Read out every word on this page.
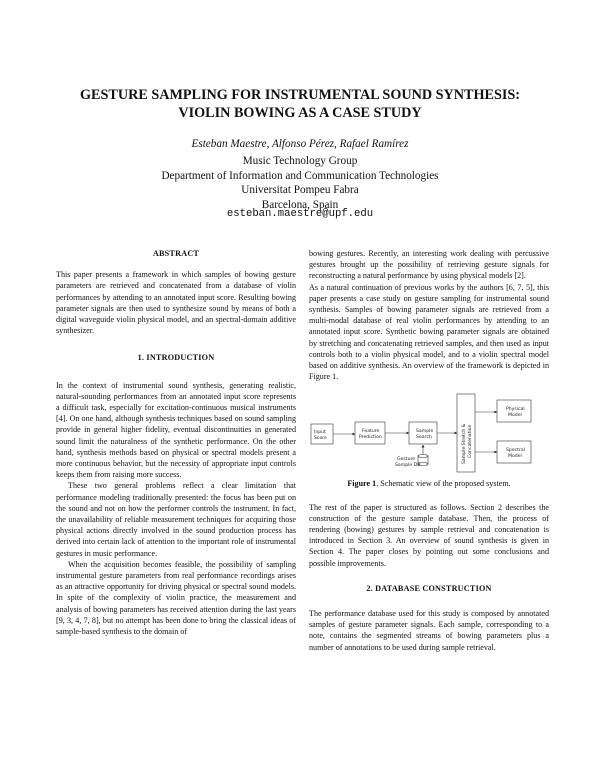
GESTURE SAMPLING FOR INSTRUMENTAL SOUND SYNTHESIS:
VIOLIN BOWING AS A CASE STUDY
Esteban Maestre, Alfonso Pérez, Rafael Ramírez
Music Technology Group
Department of Information and Communication Technologies
Universitat Pompeu Fabra
Barcelona, Spain
esteban.maestre@upf.edu

ABSTRACT

This paper presents a framework in which samples of bowing gesture parameters are retrieved and concatenated from a database of violin performances by attending to an annotated input score. Resulting bowing parameter signals are then used to synthesize sound by means of both a digital waveguide violin physical model, and an spectral-domain additive synthesizer.

1. INTRODUCTION

In the context of instrumental sound synthesis, generating realistic, natural-sounding performances from an annotated input score represents a difficult task, especially for excitation-continuous musical instruments [4]. On one hand, although synthesis techniques based on sound sampling provide in general higher fidelity, eventual discontinuities in generated sound limit the naturalness of the synthetic performance. On the other hand, synthesis methods based on physical or spectral models present a more continuous behavior, but the necessity of appropriate input controls keeps them from raising more success.

These two general problems reflect a clear limitation that performance modeling traditionally presented: the focus has been put on the sound and not on how the performer controls the instrument. In fact, the unavailability of reliable measurement techniques for acquiring those physical actions directly involved in the sound production process has derived into certain lack of attention to the important role of instrumental gestures in music performance.

When the acquisition becomes feasible, the possibility of sampling instrumental gesture parameters from real performance recordings arises as an attractive opportunity for driving physical or spectral sound models. In spite of the complexity of violin practice, the measurement and analysis of bowing parameters has received attention during the last years [9, 3, 4, 7, 8], but no attempt has been done to bring the classical ideas of sample-based synthesis to the domain of

bowing gestures. Recently, an interesting work dealing with percussive gestures brought up the possibility of retrieving gesture signals for reconstructing a natural performance by using physical models [2].

As a natural continuation of previous works by the authors [6, 7, 5], this paper presents a case study on gesture sampling for instrumental sound synthesis. Samples of bowing parameter signals are retrieved from a multi-modal database of real violin performances by attending to an annotated input score. Synthetic bowing parameter signals are obtained by stretching and concatenating retrieved samples, and then used as input controls both to a violin physical model, and to a violin spectral model based on additive synthesis. An overview of the framework is depicted in Figure 1.

Input
Score
Feature
Prediction
Sample
Search
Gesture
Sample DB
Sample Stretch & Concatenation
Physical
Model
Spectral
Model

Figure 1. Schematic view of the proposed system.

The rest of the paper is structured as follows. Section 2 describes the construction of the gesture sample database. Then, the process of rendering (bowing) gestures by sample retrieval and concatenation is introduced in Section 3. An overview of sound synthesis is given in Section 4. The paper closes by pointing out some conclusions and possible improvements.

2. DATABASE CONSTRUCTION

The performance database used for this study is composed by annotated samples of gesture parameter signals. Each sample, corresponding to a note, contains the segmented streams of bowing parameters plus a number of annotations to be used during sample retrieval.
